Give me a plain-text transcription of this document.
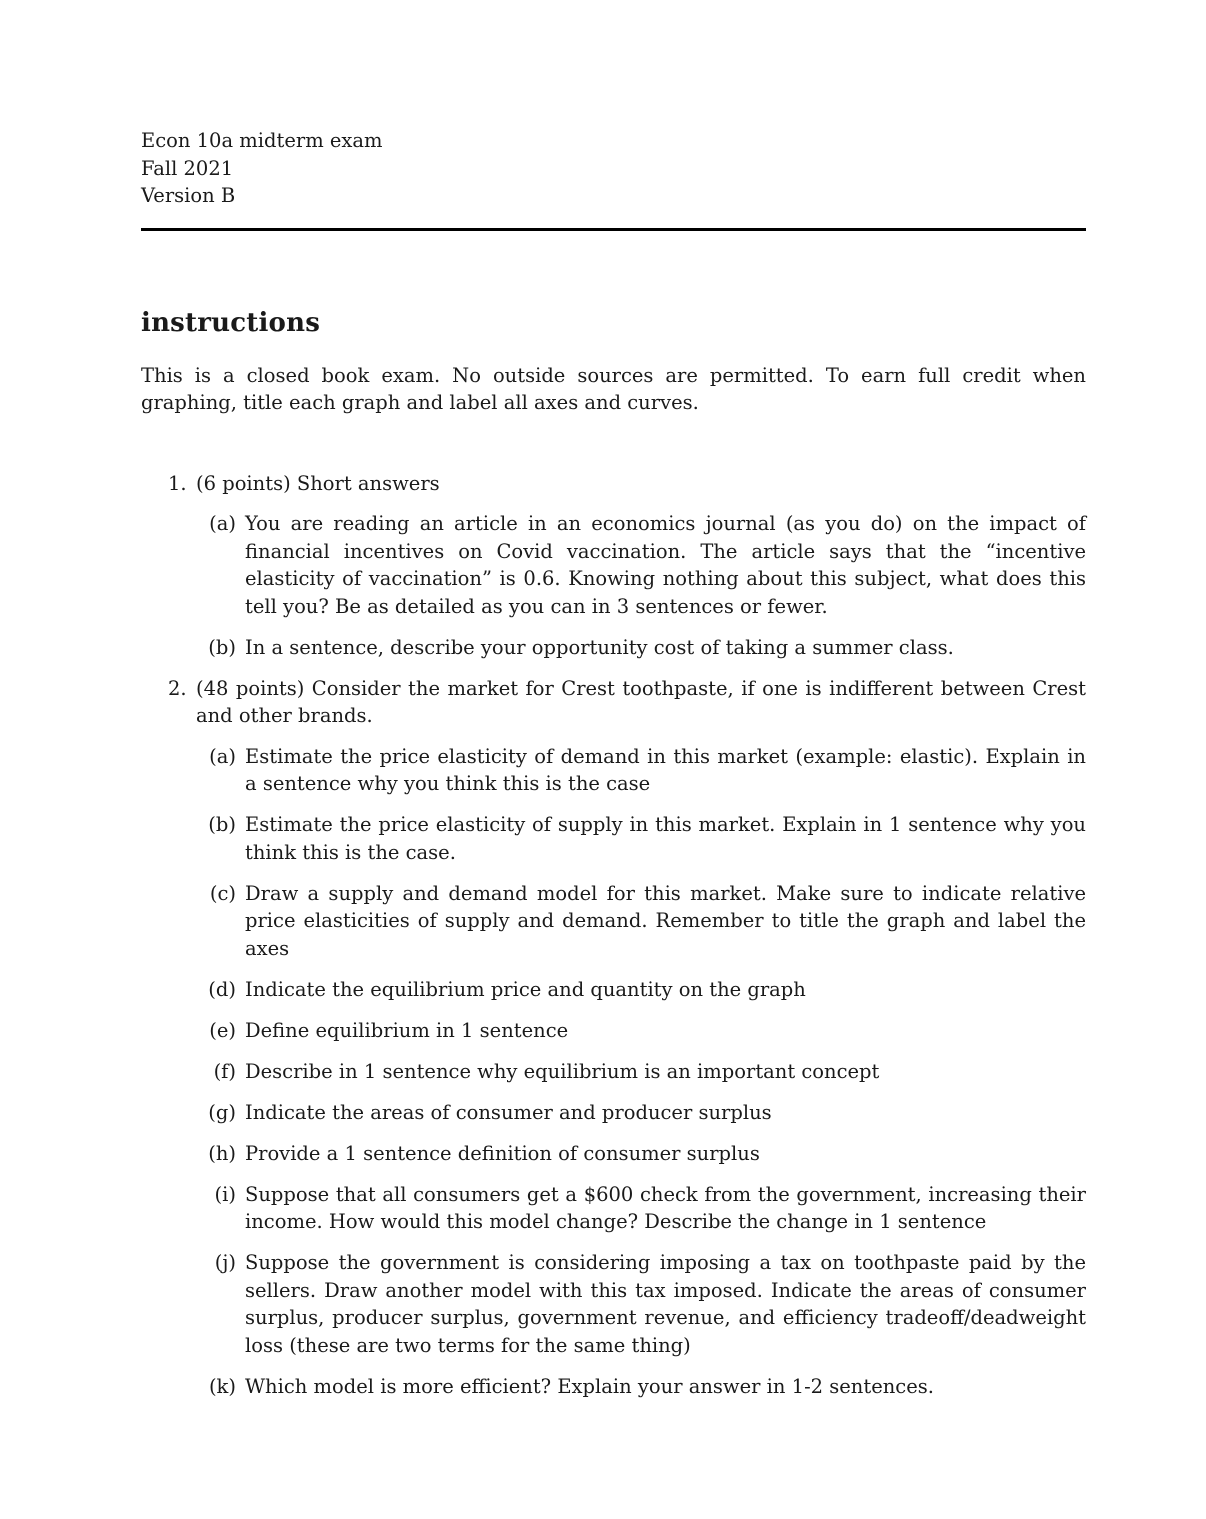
Econ 10a midterm exam

Fall 2021

Version B

instructions

This is a closed book exam. No outside sources are permitted. To earn full credit when graphing, title each graph and label all axes and curves.

1. (6 points) Short answers
(a) You are reading an article in an economics journal (as you do) on the impact of financial incentives on Covid vaccination. The article says that the “incentive elasticity of vaccination” is 0.6. Knowing nothing about this subject, what does this tell you? Be as detailed as you can in 3 sentences or fewer.
(b) In a sentence, describe your opportunity cost of taking a summer class.
2. (48 points) Consider the market for Crest toothpaste, if one is indifferent between Crest and other brands.
(a) Estimate the price elasticity of demand in this market (example: elastic). Explain in a sentence why you think this is the case
(b) Estimate the price elasticity of supply in this market. Explain in 1 sentence why you think this is the case.
(c) Draw a supply and demand model for this market. Make sure to indicate relative price elasticities of supply and demand. Remember to title the graph and label the axes
(d) Indicate the equilibrium price and quantity on the graph
(e) Define equilibrium in 1 sentence
(f) Describe in 1 sentence why equilibrium is an important concept
(g) Indicate the areas of consumer and producer surplus
(h) Provide a 1 sentence definition of consumer surplus
(i) Suppose that all consumers get a $600 check from the government, increasing their income. How would this model change? Describe the change in 1 sentence
(j) Suppose the government is considering imposing a tax on toothpaste paid by the sellers. Draw another model with this tax imposed. Indicate the areas of consumer surplus, producer surplus, government revenue, and efficiency tradeoff/deadweight loss (these are two terms for the same thing)
(k) Which model is more efficient? Explain your answer in 1-2 sentences.
